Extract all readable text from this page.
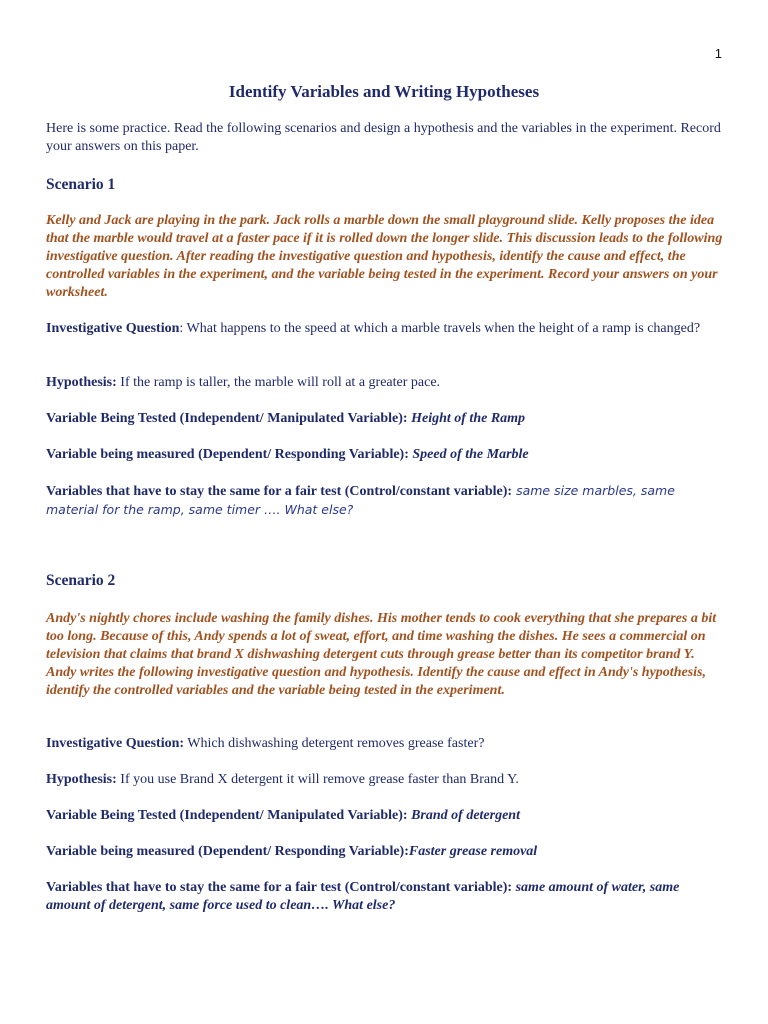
1
Identify Variables and Writing Hypotheses
Here is some practice. Read the following scenarios and design a hypothesis and the variables in the experiment. Record your answers on this paper.
Scenario 1
Kelly and Jack are playing in the park. Jack rolls a marble down the small playground slide. Kelly proposes the idea that the marble would travel at a faster pace if it is rolled down the longer slide. This discussion leads to the following investigative question. After reading the investigative question and hypothesis, identify the cause and effect, the controlled variables in the experiment, and the variable being tested in the experiment. Record your answers on your worksheet.
Investigative Question: What happens to the speed at which a marble travels when the height of a ramp is changed?
Hypothesis: If the ramp is taller, the marble will roll at a greater pace.
Variable Being Tested (Independent/ Manipulated Variable): Height of the Ramp
Variable being measured (Dependent/ Responding Variable): Speed of the Marble
Variables that have to stay the same for a fair test (Control/constant variable): same size marbles, same material for the ramp, same timer …. What else?
Scenario 2
Andy's nightly chores include washing the family dishes. His mother tends to cook everything that she prepares a bit too long. Because of this, Andy spends a lot of sweat, effort, and time washing the dishes. He sees a commercial on television that claims that brand X dishwashing detergent cuts through grease better than its competitor brand Y. Andy writes the following investigative question and hypothesis. Identify the cause and effect in Andy's hypothesis, identify the controlled variables and the variable being tested in the experiment.
Investigative Question: Which dishwashing detergent removes grease faster?
Hypothesis: If you use Brand X detergent it will remove grease faster than Brand Y.
Variable Being Tested (Independent/ Manipulated Variable): Brand of detergent
Variable being measured (Dependent/ Responding Variable):Faster grease removal
Variables that have to stay the same for a fair test (Control/constant variable): same amount of water, same amount of detergent, same force used to clean…. What else?
